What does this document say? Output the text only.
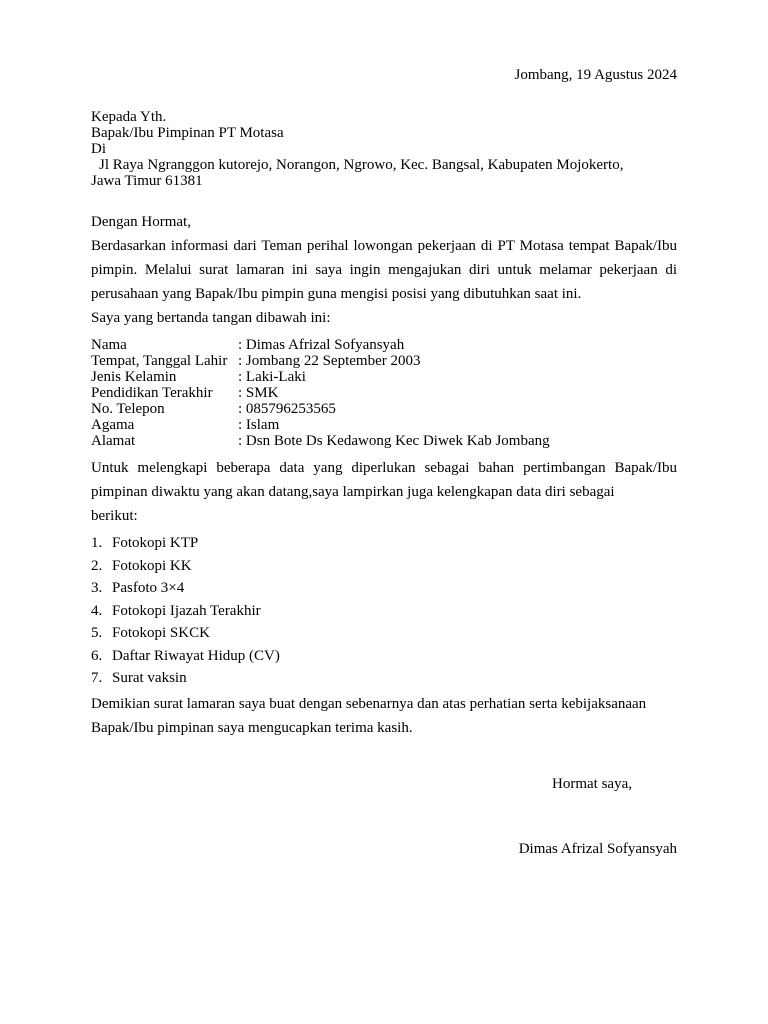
Jombang, 19 Agustus 2024
Kepada Yth.
Bapak/Ibu Pimpinan PT Motasa
Di
Jl Raya Ngranggon kutorejo, Norangon, Ngrowo, Kec. Bangsal, Kabupaten Mojokerto,
Jawa Timur 61381
Dengan Hormat,
Berdasarkan informasi dari Teman perihal lowongan pekerjaan di PT Motasa tempat Bapak/Ibu pimpin. Melalui surat lamaran ini saya ingin mengajukan diri untuk melamar pekerjaan di perusahaan yang Bapak/Ibu pimpin guna mengisi posisi yang dibutuhkan saat ini.
Saya yang bertanda tangan dibawah ini:
Nama	: Dimas Afrizal Sofyansyah
Tempat, Tanggal Lahir : Jombang 22 September 2003
Jenis Kelamin	: Laki-Laki
Pendidikan Terakhir	: SMK
No. Telepon	: 085796253565
Agama	: Islam
Alamat	: Dsn Bote Ds Kedawong Kec Diwek Kab Jombang
Untuk melengkapi beberapa data yang diperlukan sebagai bahan pertimbangan Bapak/Ibu pimpinan diwaktu yang akan datang,saya lampirkan juga kelengkapan data diri sebagai
berikut:
1. Fotokopi KTP
2. Fotokopi KK
3. Pasfoto 3×4
4. Fotokopi Ijazah Terakhir
5. Fotokopi SKCK
6. Daftar Riwayat Hidup (CV)
7. Surat vaksin
Demikian surat lamaran saya buat dengan sebenarnya dan atas perhatian serta kebijaksanaan
Bapak/Ibu pimpinan saya mengucapkan terima kasih.
Hormat saya,
Dimas Afrizal Sofyansyah
